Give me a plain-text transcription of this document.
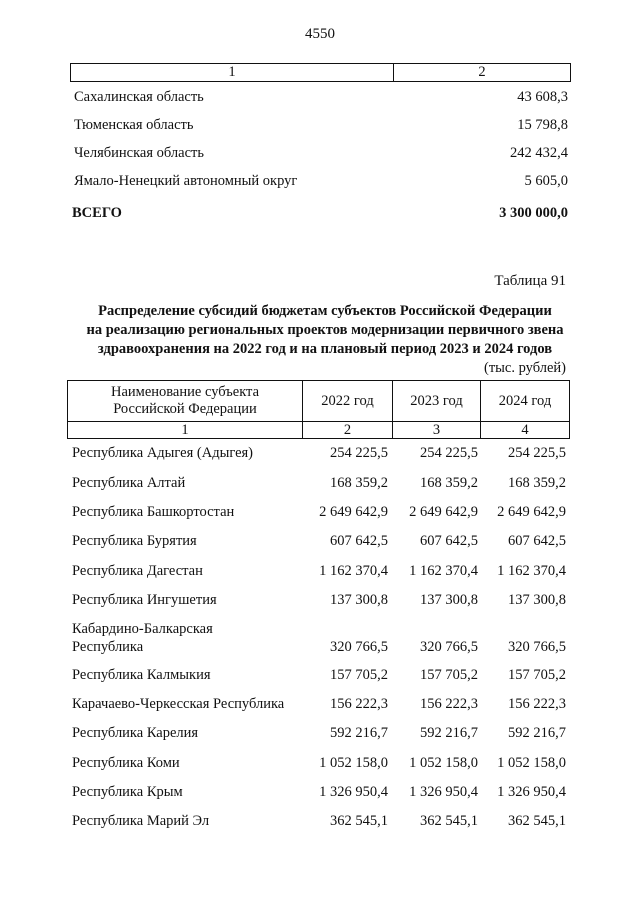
4550
1	2
Сахалинская область	43 608,3
Тюменская область	15 798,8
Челябинская область	242 432,4
Ямало-Ненецкий автономный округ	5 605,0
ВСЕГО	3 300 000,0
Таблица 91
Распределение субсидий бюджетам субъектов Российской Федерации
на реализацию региональных проектов модернизации первичного звена
здравоохранения на 2022 год и на плановый период 2023 и 2024 годов
(тыс. рублей)
Наименование субъекта
Российской Федерации
2022 год	2023 год	2024 год
1	2	3	4
Республика Адыгея (Адыгея)	254 225,5	254 225,5	254 225,5
Республика Алтай	168 359,2	168 359,2	168 359,2
Республика Башкортостан	2 649 642,9	2 649 642,9	2 649 642,9
Республика Бурятия	607 642,5	607 642,5	607 642,5
Республика Дагестан	1 162 370,4	1 162 370,4	1 162 370,4
Республика Ингушетия	137 300,8	137 300,8	137 300,8
Кабардино-Балкарская
Республика	320 766,5	320 766,5	320 766,5
Республика Калмыкия	157 705,2	157 705,2	157 705,2
Карачаево-Черкесская Республика	156 222,3	156 222,3	156 222,3
Республика Карелия	592 216,7	592 216,7	592 216,7
Республика Коми	1 052 158,0	1 052 158,0	1 052 158,0
Республика Крым	1 326 950,4	1 326 950,4	1 326 950,4
Республика Марий Эл	362 545,1	362 545,1	362 545,1
